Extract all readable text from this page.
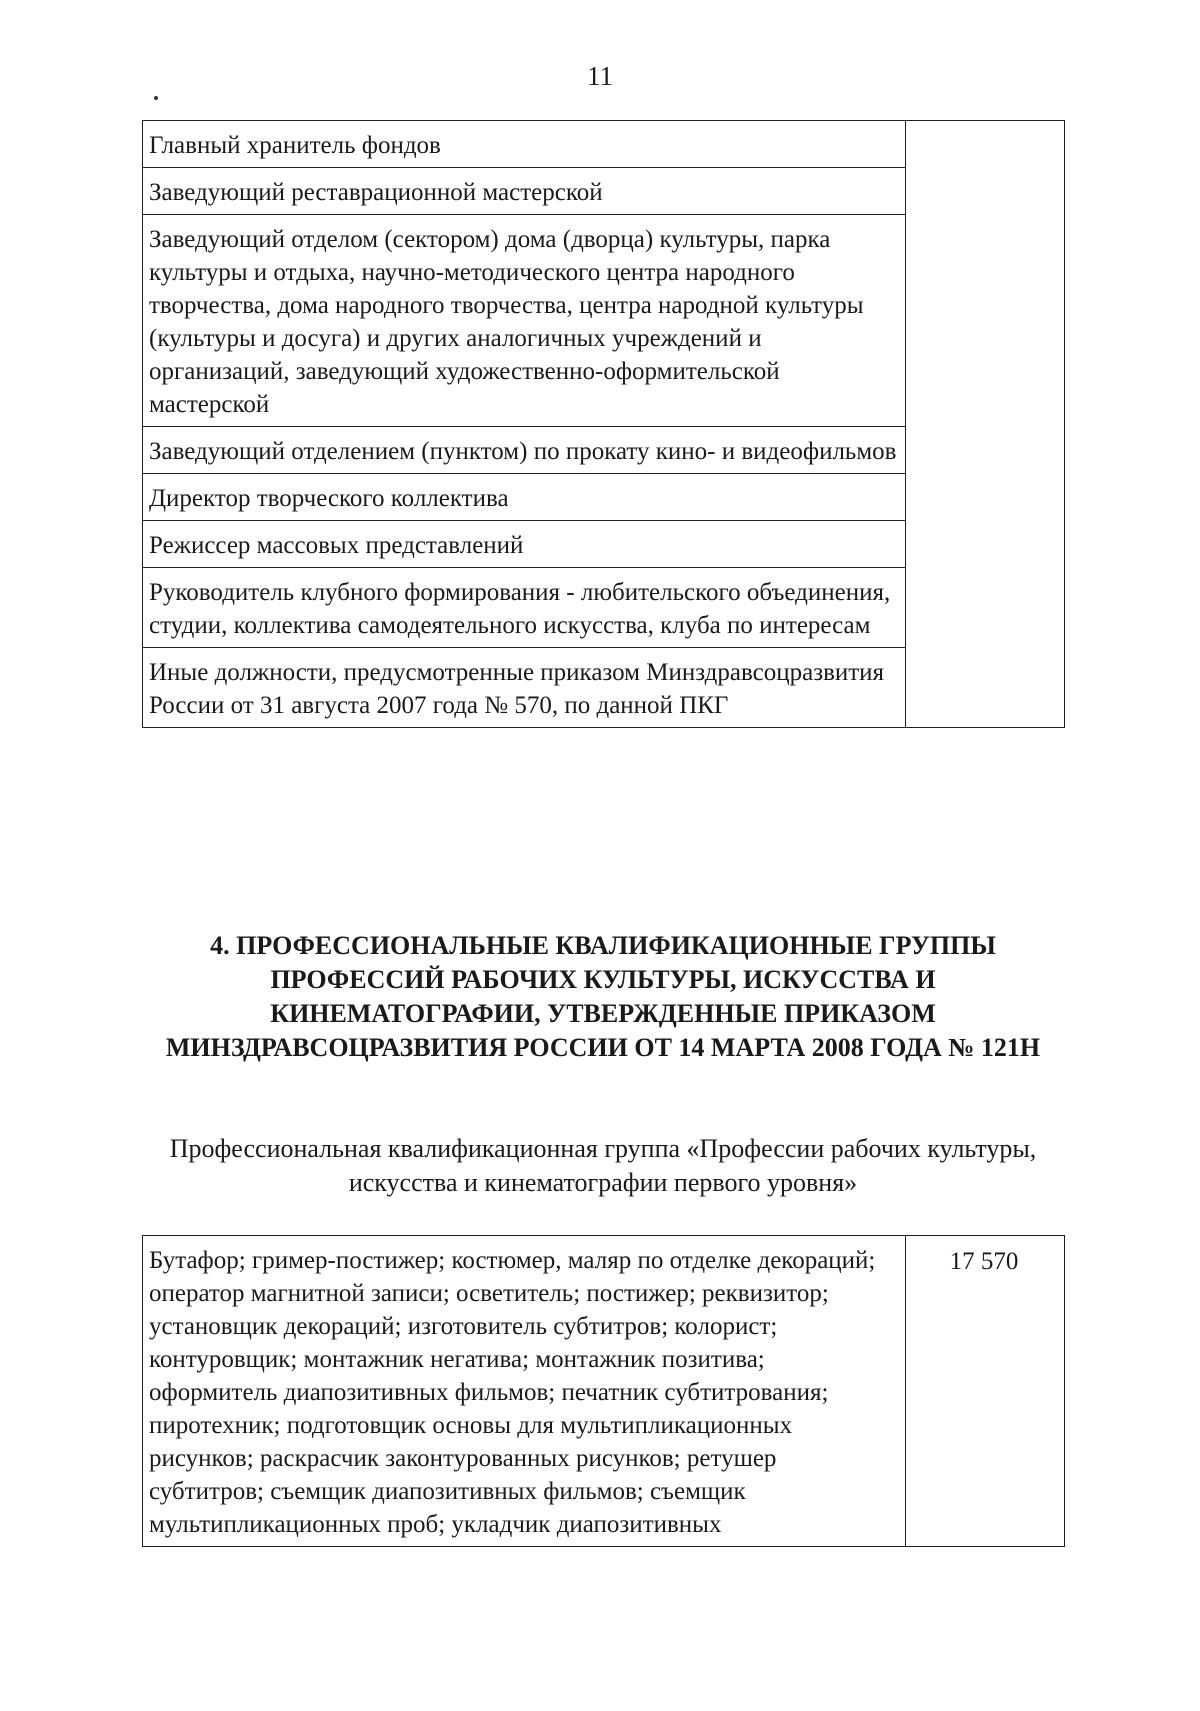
11
Главный хранитель фондов	
Заведующий реставрационной мастерской
Заведующий отделом (сектором) дома (дворца) культуры, парка культуры и отдыха, научно-методического центра народного творчества, дома народного творчества, центра народной культуры (культуры и досуга) и других аналогичных учреждений и организаций, заведующий художественно-оформительской мастерской
Заведующий отделением (пунктом) по прокату кино- и видеофильмов
Директор творческого коллектива
Режиссер массовых представлений
Руководитель клубного формирования - любительского объединения, студии, коллектива самодеятельного искусства, клуба по интересам
Иные должности, предусмотренные приказом Минздравсоцразвития России от 31 августа 2007 года № 570, по данной ПКГ
4. ПРОФЕССИОНАЛЬНЫЕ КВАЛИФИКАЦИОННЫЕ ГРУППЫ ПРОФЕССИЙ РАБОЧИХ КУЛЬТУРЫ, ИСКУССТВА И КИНЕМАТОГРАФИИ, УТВЕРЖДЕННЫЕ ПРИКАЗОМ МИНЗДРАВСОЦРАЗВИТИЯ РОССИИ ОТ 14 МАРТА 2008 ГОДА № 121Н
Профессиональная квалификационная группа «Профессии рабочих культуры, искусства и кинематографии первого уровня»
Бутафор; гример-постижер; костюмер, маляр по отделке декораций; оператор магнитной записи; осветитель; постижер; реквизитор; установщик декораций; изготовитель субтитров; колорист; контуровщик; монтажник негатива; монтажник позитива; оформитель диапозитивных фильмов; печатник субтитрования; пиротехник; подготовщик основы для мультипликационных рисунков; раскрасчик законтурованных рисунков; ретушер субтитров; съемщик диапозитивных фильмов; съемщик мультипликационных проб; укладчик диапозитивных	17 570
